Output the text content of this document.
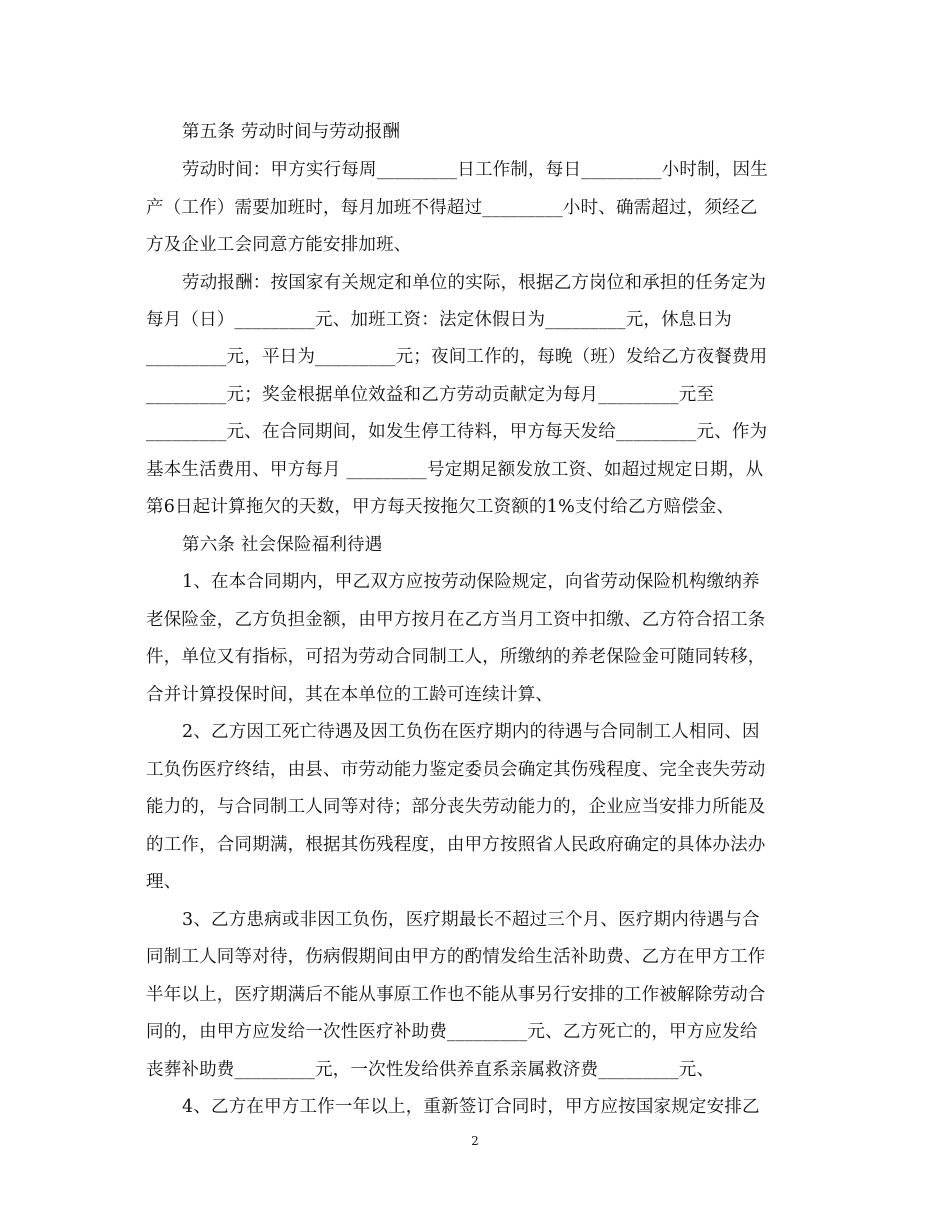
第五条 劳动时间与劳动报酬
劳动时间：甲方实行每周_________日工作制，每日_________小时制，因生
产（工作）需要加班时，每月加班不得超过_________小时、确需超过，须经乙
方及企业工会同意方能安排加班、
劳动报酬：按国家有关规定和单位的实际，根据乙方岗位和承担的任务定为
每月（日）_________元、加班工资：法定休假日为_________元，休息日为
_________元，平日为_________元；夜间工作的，每晚（班）发给乙方夜餐费用
_________元；奖金根据单位效益和乙方劳动贡献定为每月_________元至
_________元、在合同期间，如发生停工待料，甲方每天发给_________元、作为
基本生活费用、甲方每月 _________号定期足额发放工资、如超过规定日期，从
第6日起计算拖欠的天数，甲方每天按拖欠工资额的1%支付给乙方赔偿金、
第六条 社会保险福利待遇
1、在本合同期内，甲乙双方应按劳动保险规定，向省劳动保险机构缴纳养
老保险金，乙方负担金额，由甲方按月在乙方当月工资中扣缴、乙方符合招工条
件，单位又有指标，可招为劳动合同制工人，所缴纳的养老保险金可随同转移，
合并计算投保时间，其在本单位的工龄可连续计算、
2、乙方因工死亡待遇及因工负伤在医疗期内的待遇与合同制工人相同、因
工负伤医疗终结，由县、市劳动能力鉴定委员会确定其伤残程度、完全丧失劳动
能力的，与合同制工人同等对待；部分丧失劳动能力的，企业应当安排力所能及
的工作，合同期满，根据其伤残程度，由甲方按照省人民政府确定的具体办法办
理、
3、乙方患病或非因工负伤，医疗期最长不超过三个月、医疗期内待遇与合
同制工人同等对待，伤病假期间由甲方的酌情发给生活补助费、乙方在甲方工作
半年以上，医疗期满后不能从事原工作也不能从事另行安排的工作被解除劳动合
同的，由甲方应发给一次性医疗补助费_________元、乙方死亡的，甲方应发给
丧葬补助费_________元，一次性发给供养直系亲属救济费_________元、
4、乙方在甲方工作一年以上，重新签订合同时，甲方应按国家规定安排乙
2
